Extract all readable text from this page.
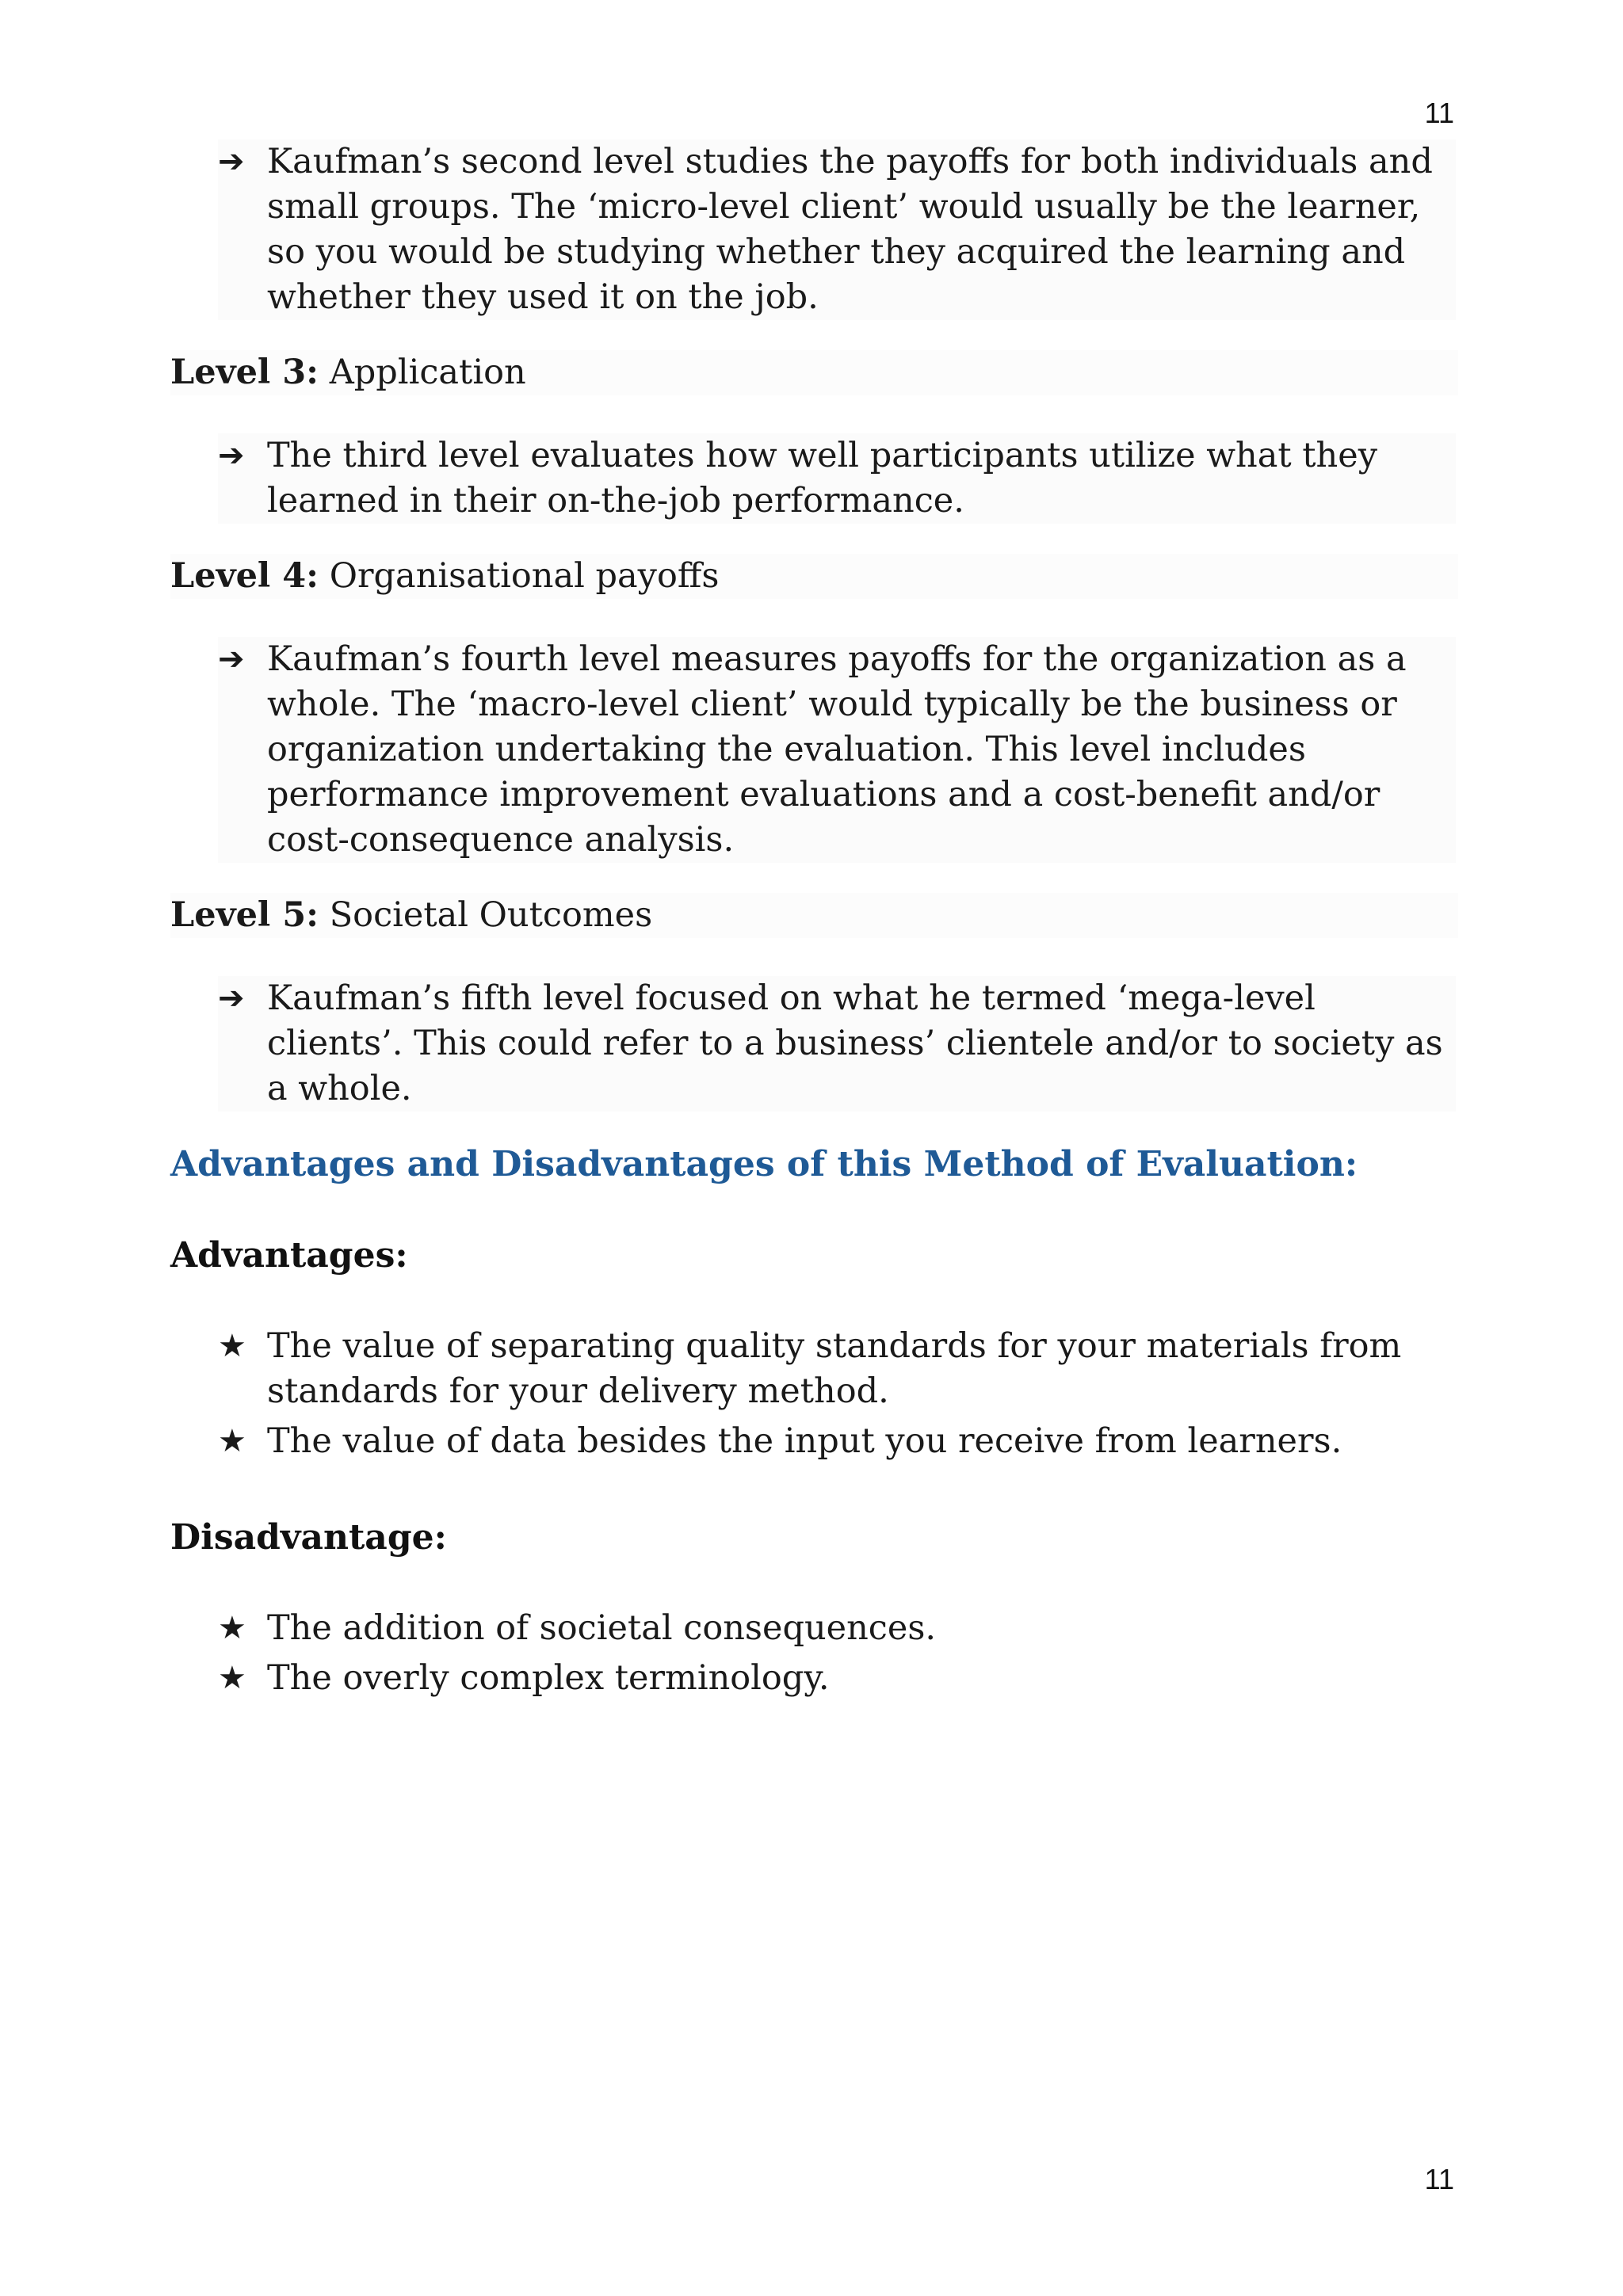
11
➔ Kaufman’s second level studies the payoffs for both individuals and small groups. The ‘micro-level client’ would usually be the learner, so you would be studying whether they acquired the learning and whether they used it on the job.
Level 3: Application
➔ The third level evaluates how well participants utilize what they learned in their on-the-job performance.
Level 4: Organisational payoffs
➔ Kaufman’s fourth level measures payoffs for the organization as a whole. The ‘macro-level client’ would typically be the business or organization undertaking the evaluation. This level includes performance improvement evaluations and a cost-benefit and/or cost-consequence analysis.
Level 5: Societal Outcomes
➔ Kaufman’s fifth level focused on what he termed ‘mega-level clients’. This could refer to a business’ clientele and/or to society as a whole.
Advantages and Disadvantages of this Method of Evaluation:
Advantages:
★ The value of separating quality standards for your materials from standards for your delivery method.
★ The value of data besides the input you receive from learners.
Disadvantage:
★ The addition of societal consequences.
★ The overly complex terminology.
11
